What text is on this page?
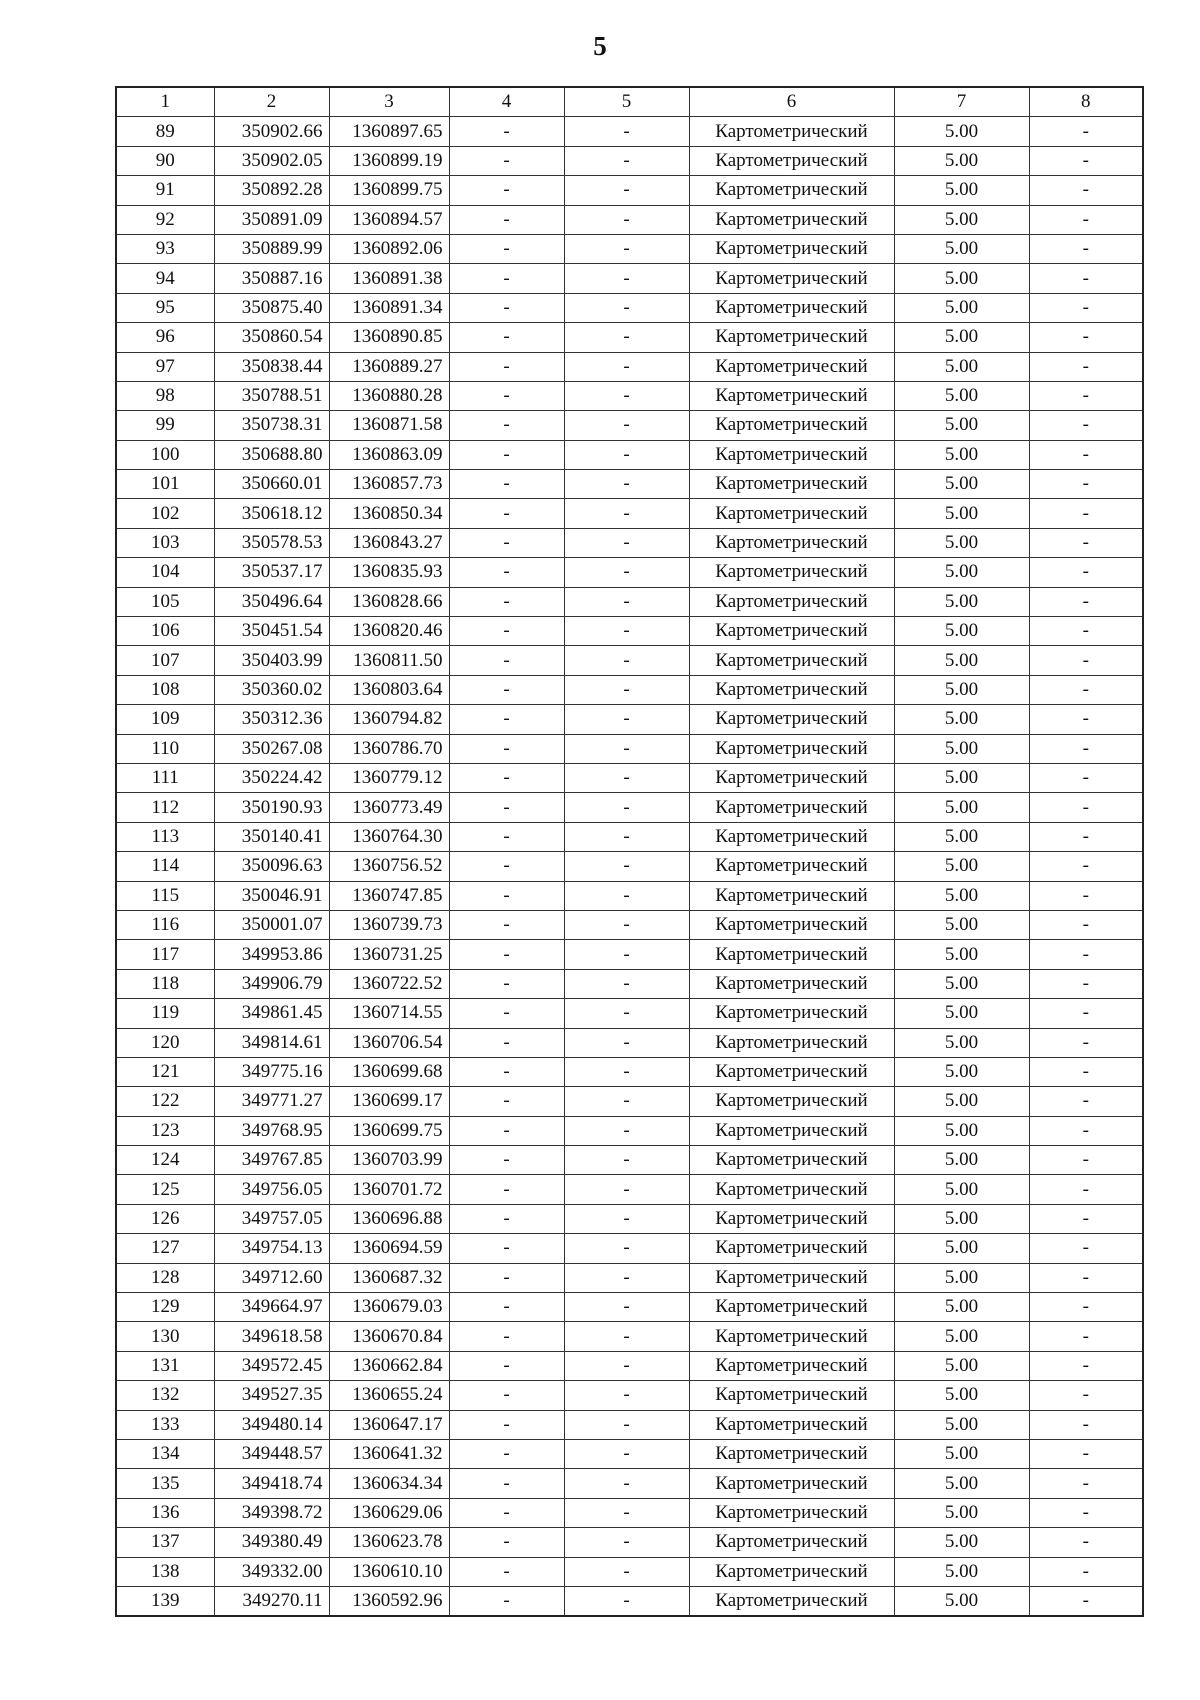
5
1	2	3	4	5	6	7	8
89	350902.66	1360897.65	-	-	Картометрический	5.00	-
90	350902.05	1360899.19	-	-	Картометрический	5.00	-
91	350892.28	1360899.75	-	-	Картометрический	5.00	-
92	350891.09	1360894.57	-	-	Картометрический	5.00	-
93	350889.99	1360892.06	-	-	Картометрический	5.00	-
94	350887.16	1360891.38	-	-	Картометрический	5.00	-
95	350875.40	1360891.34	-	-	Картометрический	5.00	-
96	350860.54	1360890.85	-	-	Картометрический	5.00	-
97	350838.44	1360889.27	-	-	Картометрический	5.00	-
98	350788.51	1360880.28	-	-	Картометрический	5.00	-
99	350738.31	1360871.58	-	-	Картометрический	5.00	-
100	350688.80	1360863.09	-	-	Картометрический	5.00	-
101	350660.01	1360857.73	-	-	Картометрический	5.00	-
102	350618.12	1360850.34	-	-	Картометрический	5.00	-
103	350578.53	1360843.27	-	-	Картометрический	5.00	-
104	350537.17	1360835.93	-	-	Картометрический	5.00	-
105	350496.64	1360828.66	-	-	Картометрический	5.00	-
106	350451.54	1360820.46	-	-	Картометрический	5.00	-
107	350403.99	1360811.50	-	-	Картометрический	5.00	-
108	350360.02	1360803.64	-	-	Картометрический	5.00	-
109	350312.36	1360794.82	-	-	Картометрический	5.00	-
110	350267.08	1360786.70	-	-	Картометрический	5.00	-
111	350224.42	1360779.12	-	-	Картометрический	5.00	-
112	350190.93	1360773.49	-	-	Картометрический	5.00	-
113	350140.41	1360764.30	-	-	Картометрический	5.00	-
114	350096.63	1360756.52	-	-	Картометрический	5.00	-
115	350046.91	1360747.85	-	-	Картометрический	5.00	-
116	350001.07	1360739.73	-	-	Картометрический	5.00	-
117	349953.86	1360731.25	-	-	Картометрический	5.00	-
118	349906.79	1360722.52	-	-	Картометрический	5.00	-
119	349861.45	1360714.55	-	-	Картометрический	5.00	-
120	349814.61	1360706.54	-	-	Картометрический	5.00	-
121	349775.16	1360699.68	-	-	Картометрический	5.00	-
122	349771.27	1360699.17	-	-	Картометрический	5.00	-
123	349768.95	1360699.75	-	-	Картометрический	5.00	-
124	349767.85	1360703.99	-	-	Картометрический	5.00	-
125	349756.05	1360701.72	-	-	Картометрический	5.00	-
126	349757.05	1360696.88	-	-	Картометрический	5.00	-
127	349754.13	1360694.59	-	-	Картометрический	5.00	-
128	349712.60	1360687.32	-	-	Картометрический	5.00	-
129	349664.97	1360679.03	-	-	Картометрический	5.00	-
130	349618.58	1360670.84	-	-	Картометрический	5.00	-
131	349572.45	1360662.84	-	-	Картометрический	5.00	-
132	349527.35	1360655.24	-	-	Картометрический	5.00	-
133	349480.14	1360647.17	-	-	Картометрический	5.00	-
134	349448.57	1360641.32	-	-	Картометрический	5.00	-
135	349418.74	1360634.34	-	-	Картометрический	5.00	-
136	349398.72	1360629.06	-	-	Картометрический	5.00	-
137	349380.49	1360623.78	-	-	Картометрический	5.00	-
138	349332.00	1360610.10	-	-	Картометрический	5.00	-
139	349270.11	1360592.96	-	-	Картометрический	5.00	-
